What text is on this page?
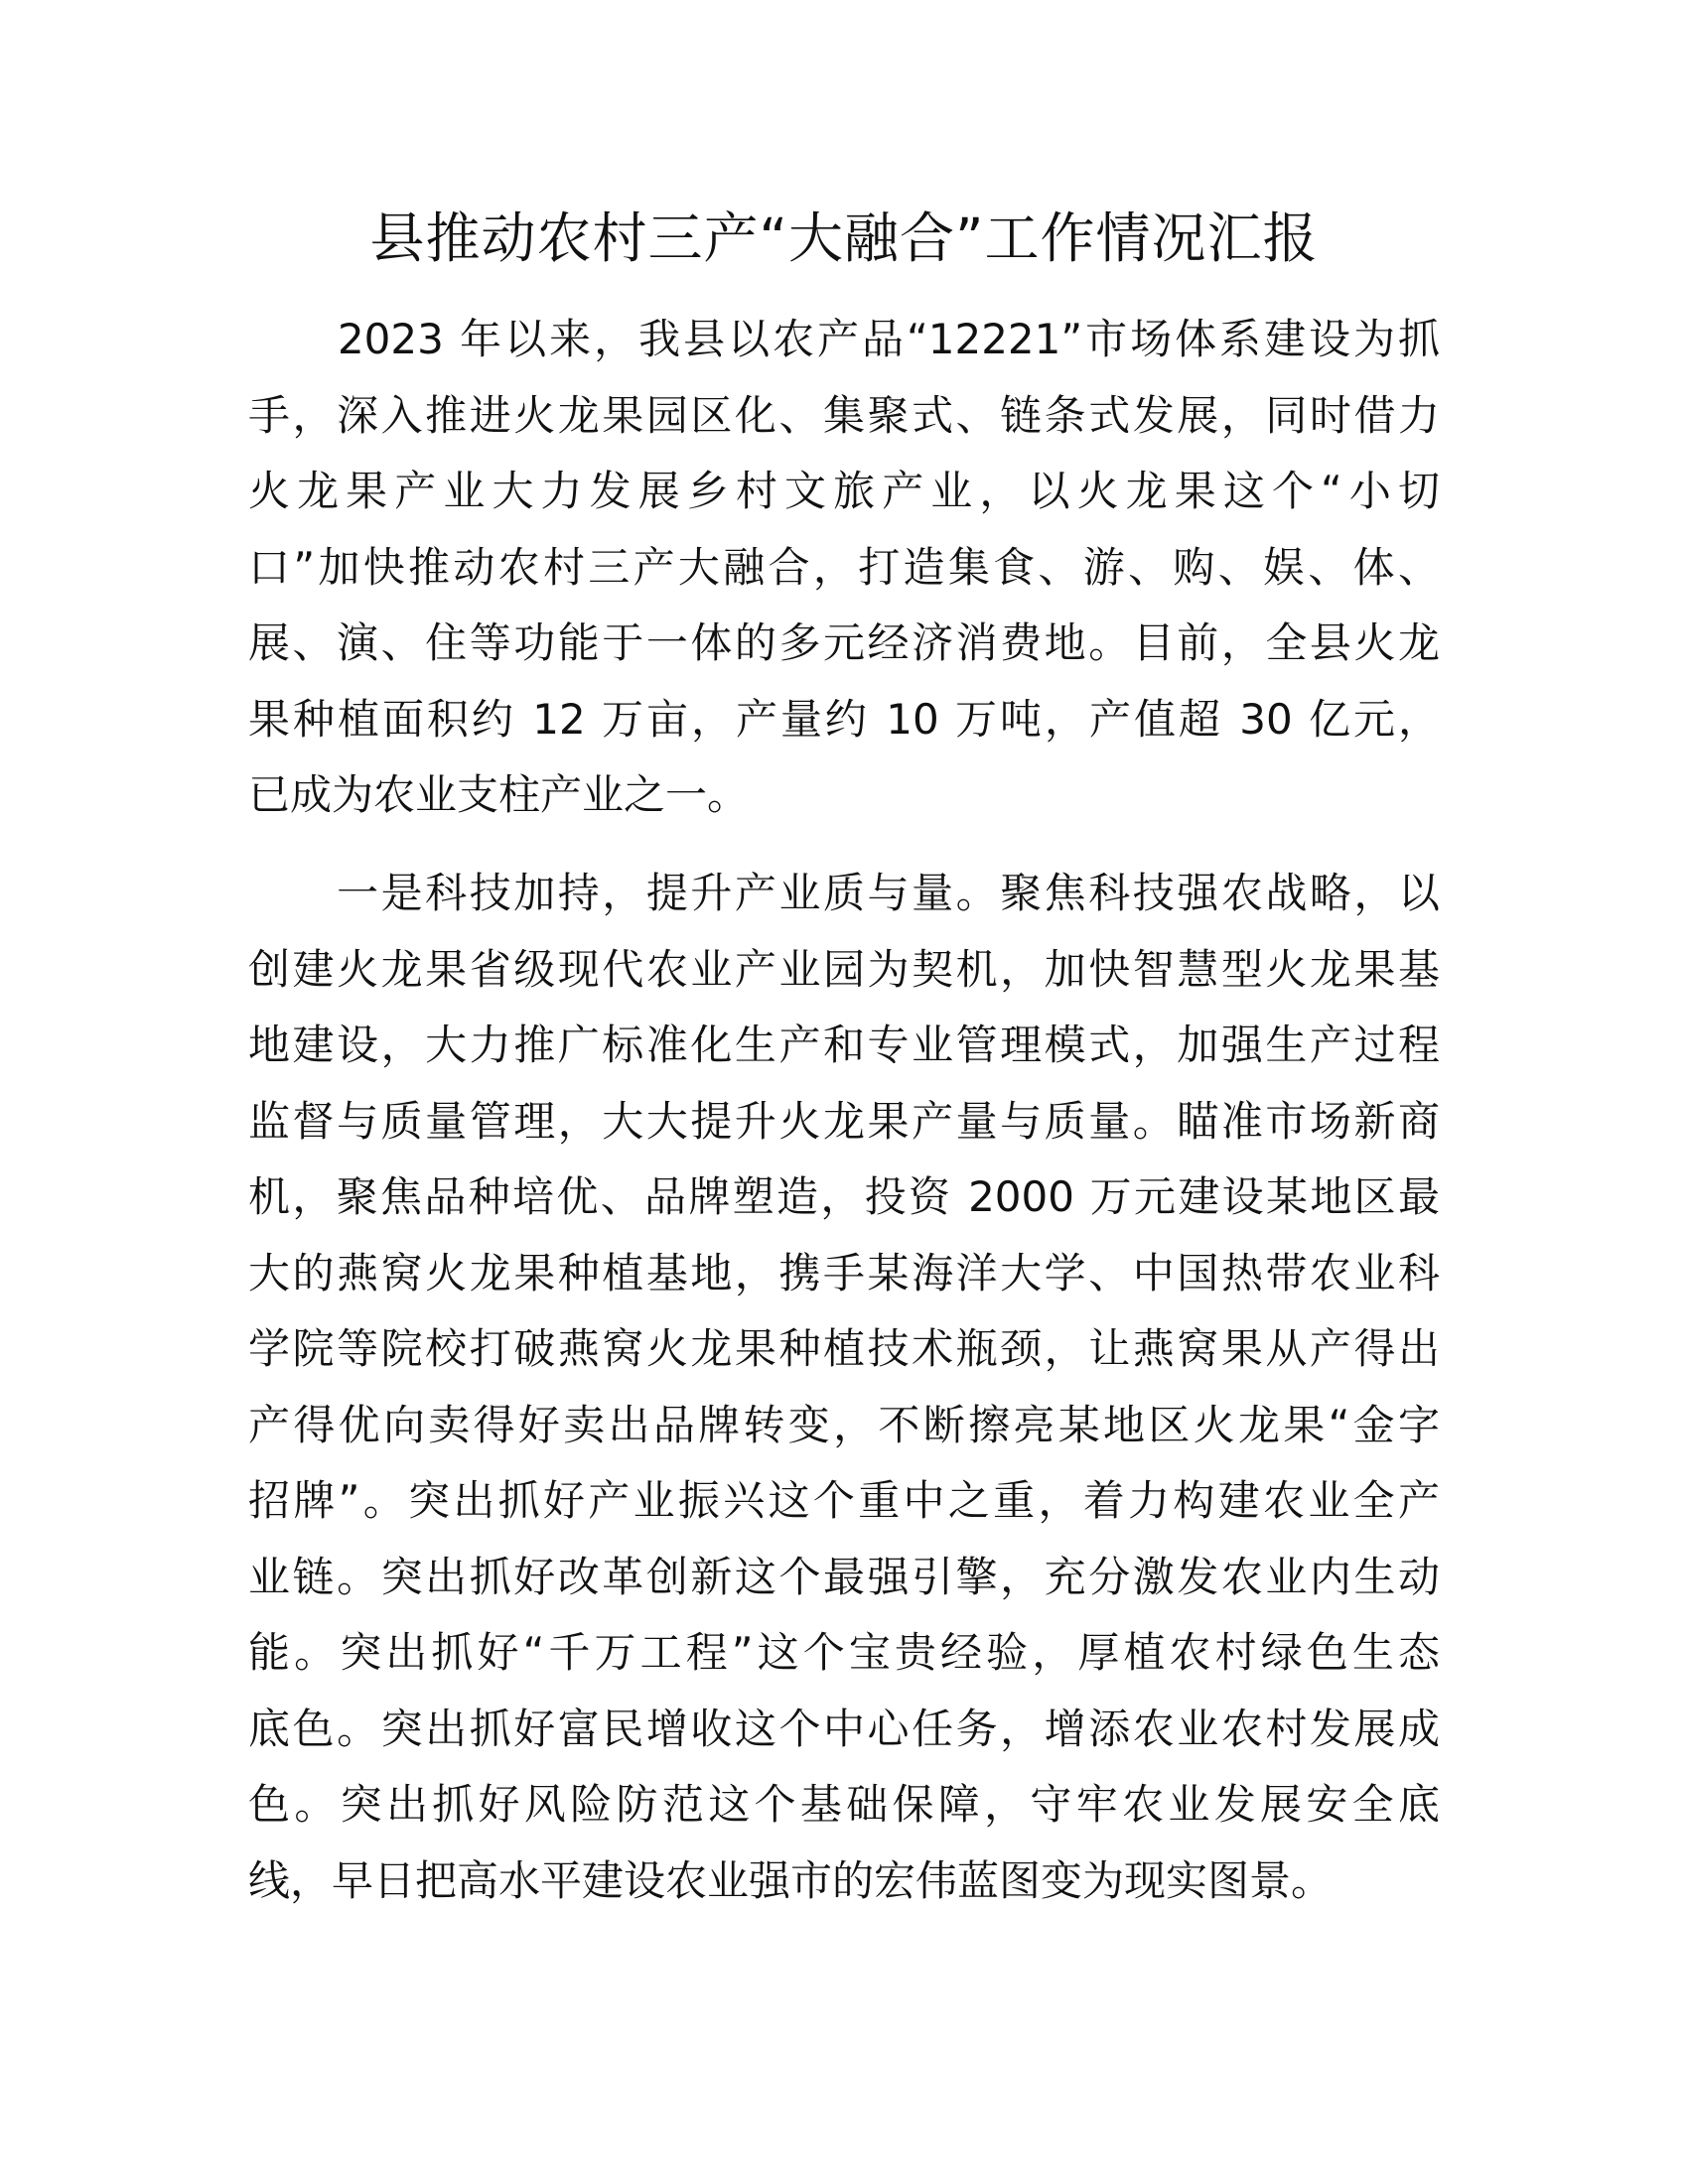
县推动农村三产“大融合”工作情况汇报
　　2023 年以来，我县以农产品“12221”市场体系建设为抓
手，深入推进火龙果园区化、集聚式、链条式发展，同时借力
火龙果产业大力发展乡村文旅产业，以火龙果这个“小切
口”加快推动农村三产大融合，打造集食、游、购、娱、体、
展、演、住等功能于一体的多元经济消费地。目前，全县火龙
果种植面积约 12 万亩，产量约 10 万吨，产值超 30 亿元，
已成为农业支柱产业之一。
　　一是科技加持，提升产业质与量。聚焦科技强农战略，以
创建火龙果省级现代农业产业园为契机，加快智慧型火龙果基
地建设，大力推广标准化生产和专业管理模式，加强生产过程
监督与质量管理，大大提升火龙果产量与质量。瞄准市场新商
机，聚焦品种培优、品牌塑造，投资 2000 万元建设某地区最
大的燕窝火龙果种植基地，携手某海洋大学、中国热带农业科
学院等院校打破燕窝火龙果种植技术瓶颈，让燕窝果从产得出
产得优向卖得好卖出品牌转变，不断擦亮某地区火龙果“金字
招牌”。突出抓好产业振兴这个重中之重，着力构建农业全产
业链。突出抓好改革创新这个最强引擎，充分激发农业内生动
能。突出抓好“千万工程”这个宝贵经验，厚植农村绿色生态
底色。突出抓好富民增收这个中心任务，增添农业农村发展成
色。突出抓好风险防范这个基础保障，守牢农业发展安全底
线，早日把高水平建设农业强市的宏伟蓝图变为现实图景。
